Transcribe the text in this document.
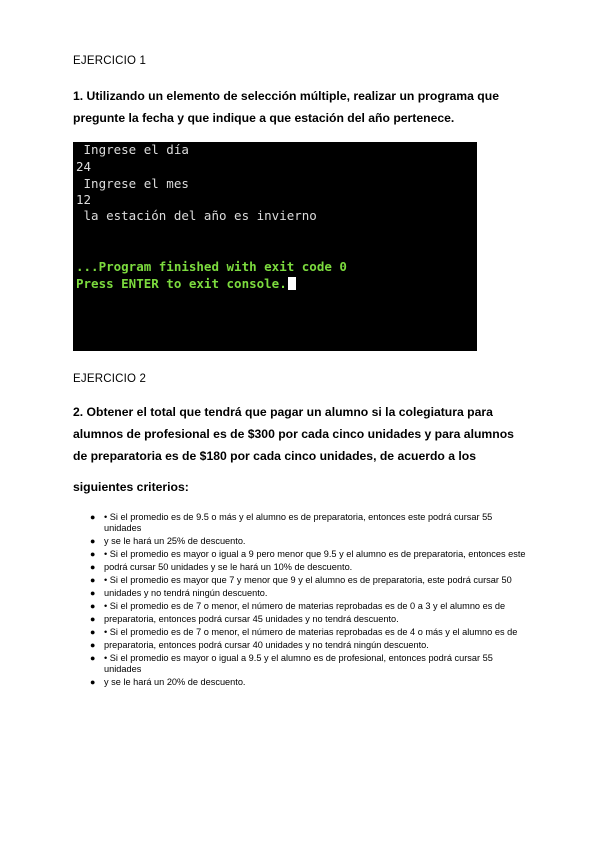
EJERCICIO 1
1. Utilizando un elemento de selección múltiple, realizar un programa que
pregunte la fecha y que indique a que estación del año pertenece.
Ingrese el día
24
Ingrese el mes
12
la estación del año es invierno
...Program finished with exit code 0
Press ENTER to exit console.
EJERCICIO 2
2. Obtener el total que tendrá que pagar un alumno si la colegiatura para
alumnos de profesional es de $300 por cada cinco unidades y para alumnos
de preparatoria es de $180 por cada cinco unidades, de acuerdo a los
siguientes criterios:
● • Si el promedio es de 9.5 o más y el alumno es de preparatoria, entonces este podrá cursar 55 unidades
● y se le hará un 25% de descuento.
● • Si el promedio es mayor o igual a 9 pero menor que 9.5 y el alumno es de preparatoria, entonces este
● podrá cursar 50 unidades y se le hará un 10% de descuento.
● • Si el promedio es mayor que 7 y menor que 9 y el alumno es de preparatoria, este podrá cursar 50
● unidades y no tendrá ningún descuento.
● • Si el promedio es de 7 o menor, el número de materias reprobadas es de 0 a 3 y el alumno es de
● preparatoria, entonces podrá cursar 45 unidades y no tendrá descuento.
● • Si el promedio es de 7 o menor, el número de materias reprobadas es de 4 o más y el alumno es de
● preparatoria, entonces podrá cursar 40 unidades y no tendrá ningún descuento.
● • Si el promedio es mayor o igual a 9.5 y el alumno es de profesional, entonces podrá cursar 55 unidades
● y se le hará un 20% de descuento.
